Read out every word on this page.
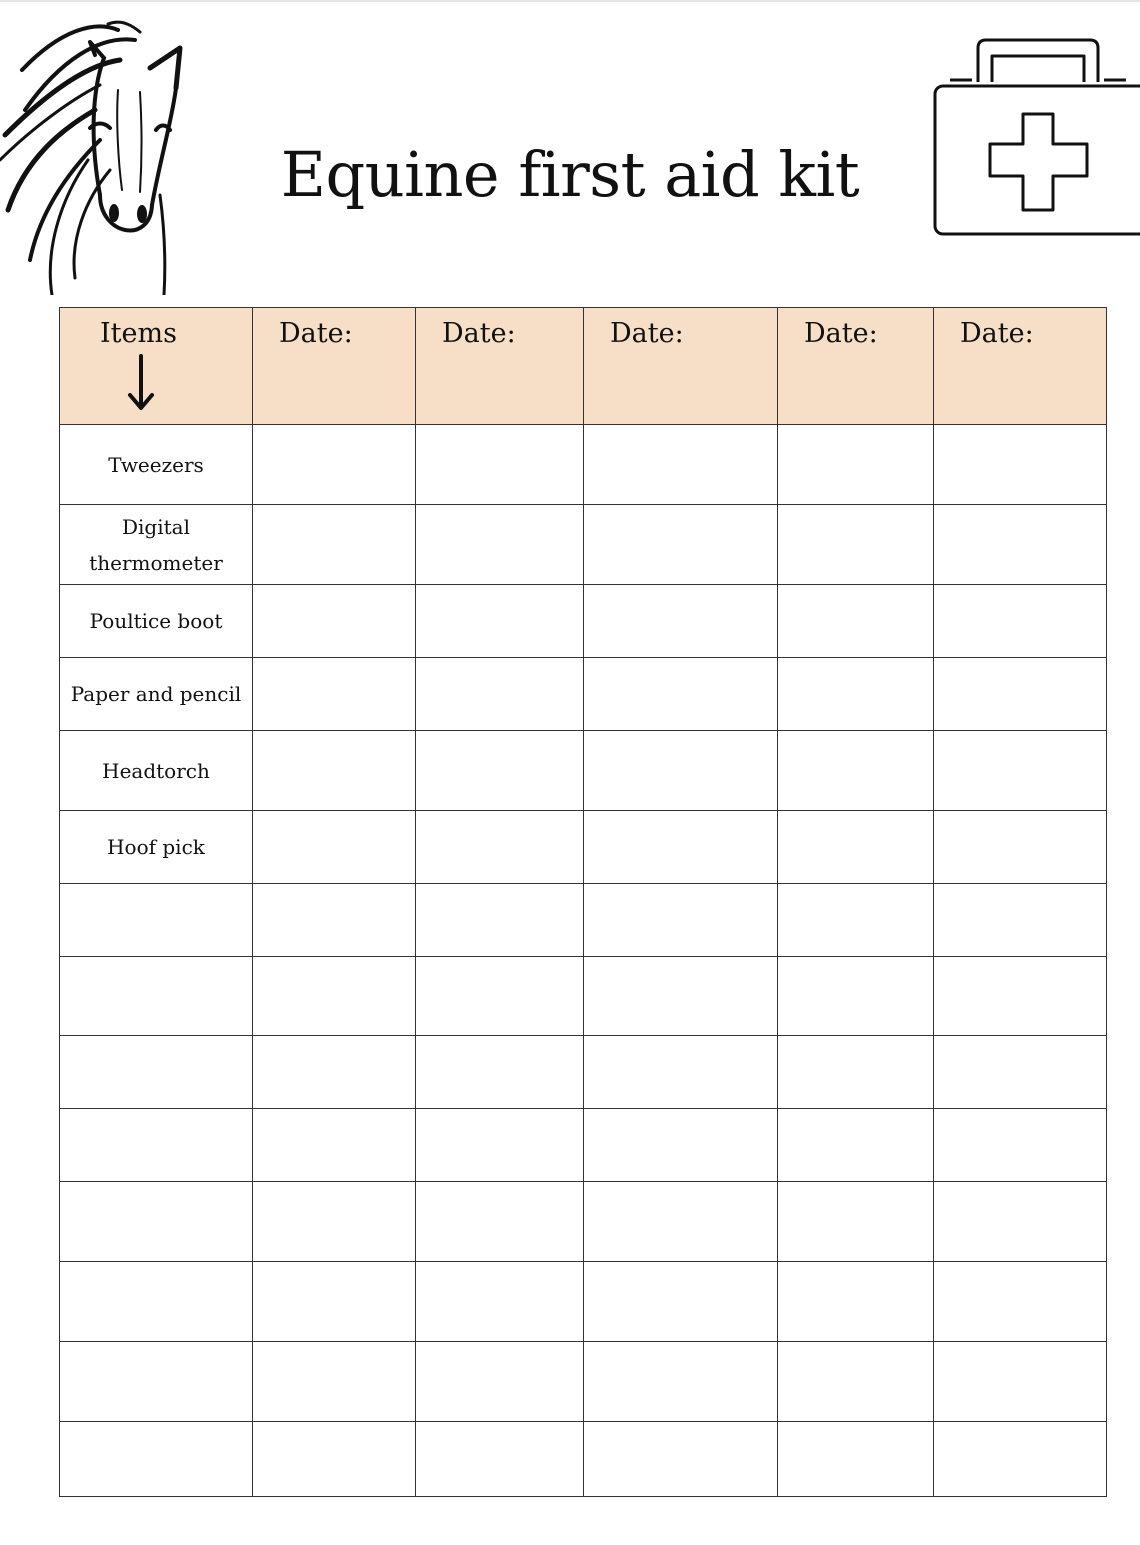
Equine first aid kit
Items	Date:	Date:	Date:	Date:	Date:
Tweezers					
Digital thermometer					
Poultice boot					
Paper and pencil					
Headtorch					
Hoof pick					
